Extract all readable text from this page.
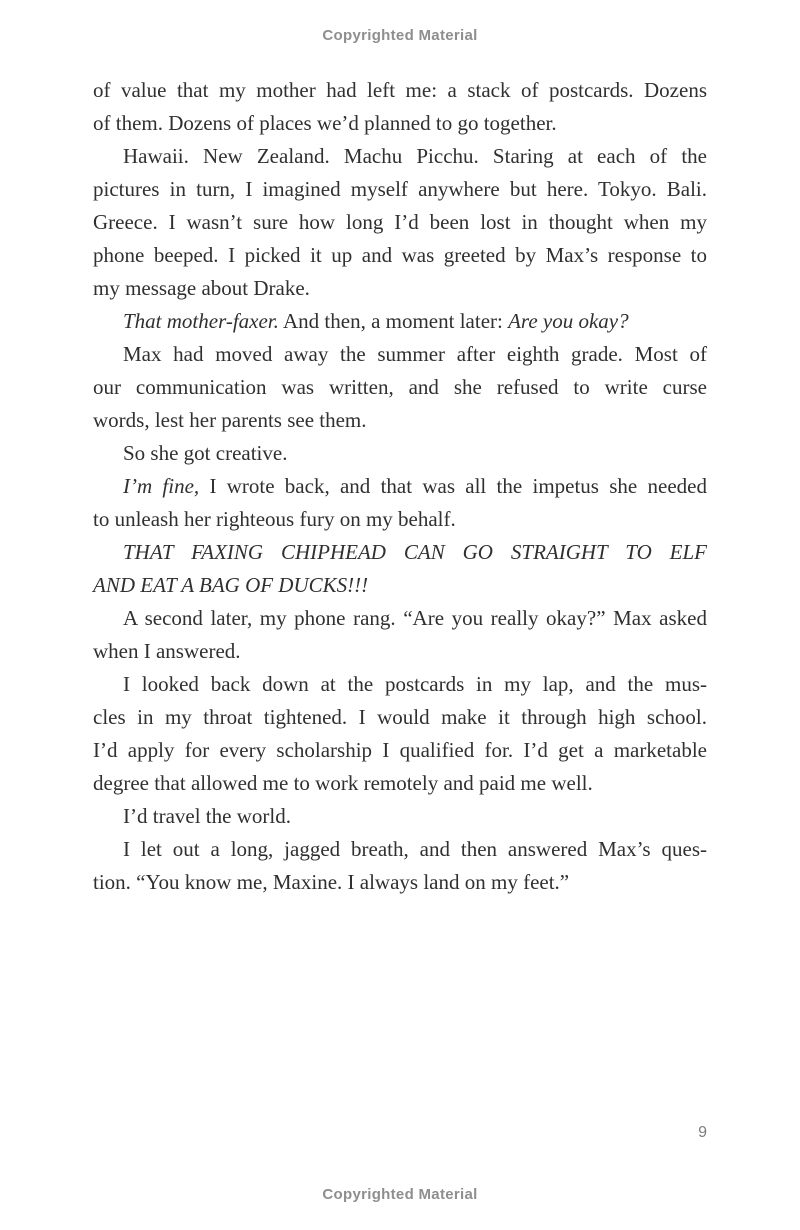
Copyrighted Material
of value that my mother had left me: a stack of postcards. Dozens
of them. Dozens of places we’d planned to go together.
Hawaii. New Zealand. Machu Picchu. Staring at each of the
pictures in turn, I imagined myself anywhere but here. Tokyo. Bali.
Greece. I wasn’t sure how long I’d been lost in thought when my
phone beeped. I picked it up and was greeted by Max’s response to
my message about Drake.
That mother-faxer. And then, a moment later: Are you okay?
Max had moved away the summer after eighth grade. Most of
our communication was written, and she refused to write curse
words, lest her parents see them.
So she got creative.
I’m fine, I wrote back, and that was all the impetus she needed
to unleash her righteous fury on my behalf.
THAT FAXING CHIPHEAD CAN GO STRAIGHT TO ELF
AND EAT A BAG OF DUCKS!!!
A second later, my phone rang. “Are you really okay?” Max asked
when I answered.
I looked back down at the postcards in my lap, and the mus-
cles in my throat tightened. I would make it through high school.
I’d apply for every scholarship I qualified for. I’d get a marketable
degree that allowed me to work remotely and paid me well.
I’d travel the world.
I let out a long, jagged breath, and then answered Max’s ques-
tion. “You know me, Maxine. I always land on my feet.”
9
Copyrighted Material
